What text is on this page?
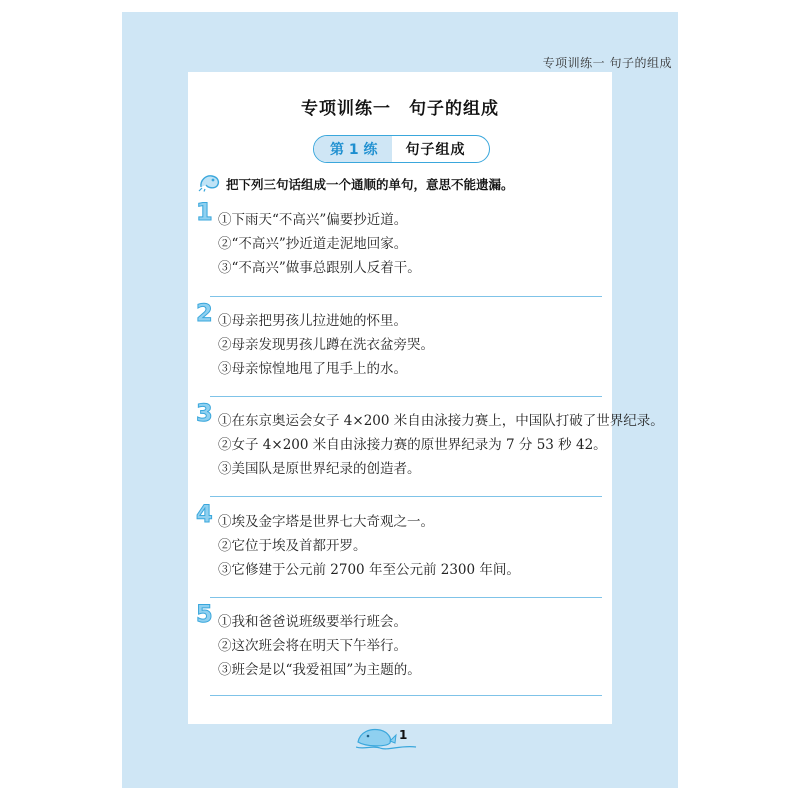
专项训练一 句子的组成
专项训练一 句子的组成
第 1 练	句子组成
把下列三句话组成一个通顺的单句，意思不能遗漏。
1 ①下雨天“不高兴”偏要抄近道。
②“不高兴”抄近道走泥地回家。
③“不高兴”做事总跟别人反着干。
2 ①母亲把男孩儿拉进她的怀里。
②母亲发现男孩儿蹲在洗衣盆旁哭。
③母亲惊惶地甩了甩手上的水。
3 ①在东京奥运会女子 4×200 米自由泳接力赛上，中国队打破了世界纪录。
②女子 4×200 米自由泳接力赛的原世界纪录为 7 分 53 秒 42。
③美国队是原世界纪录的创造者。
4 ①埃及金字塔是世界七大奇观之一。
②它位于埃及首都开罗。
③它修建于公元前 2700 年至公元前 2300 年间。
5 ①我和爸爸说班级要举行班会。
②这次班会将在明天下午举行。
③班会是以“我爱祖国”为主题的。
1
